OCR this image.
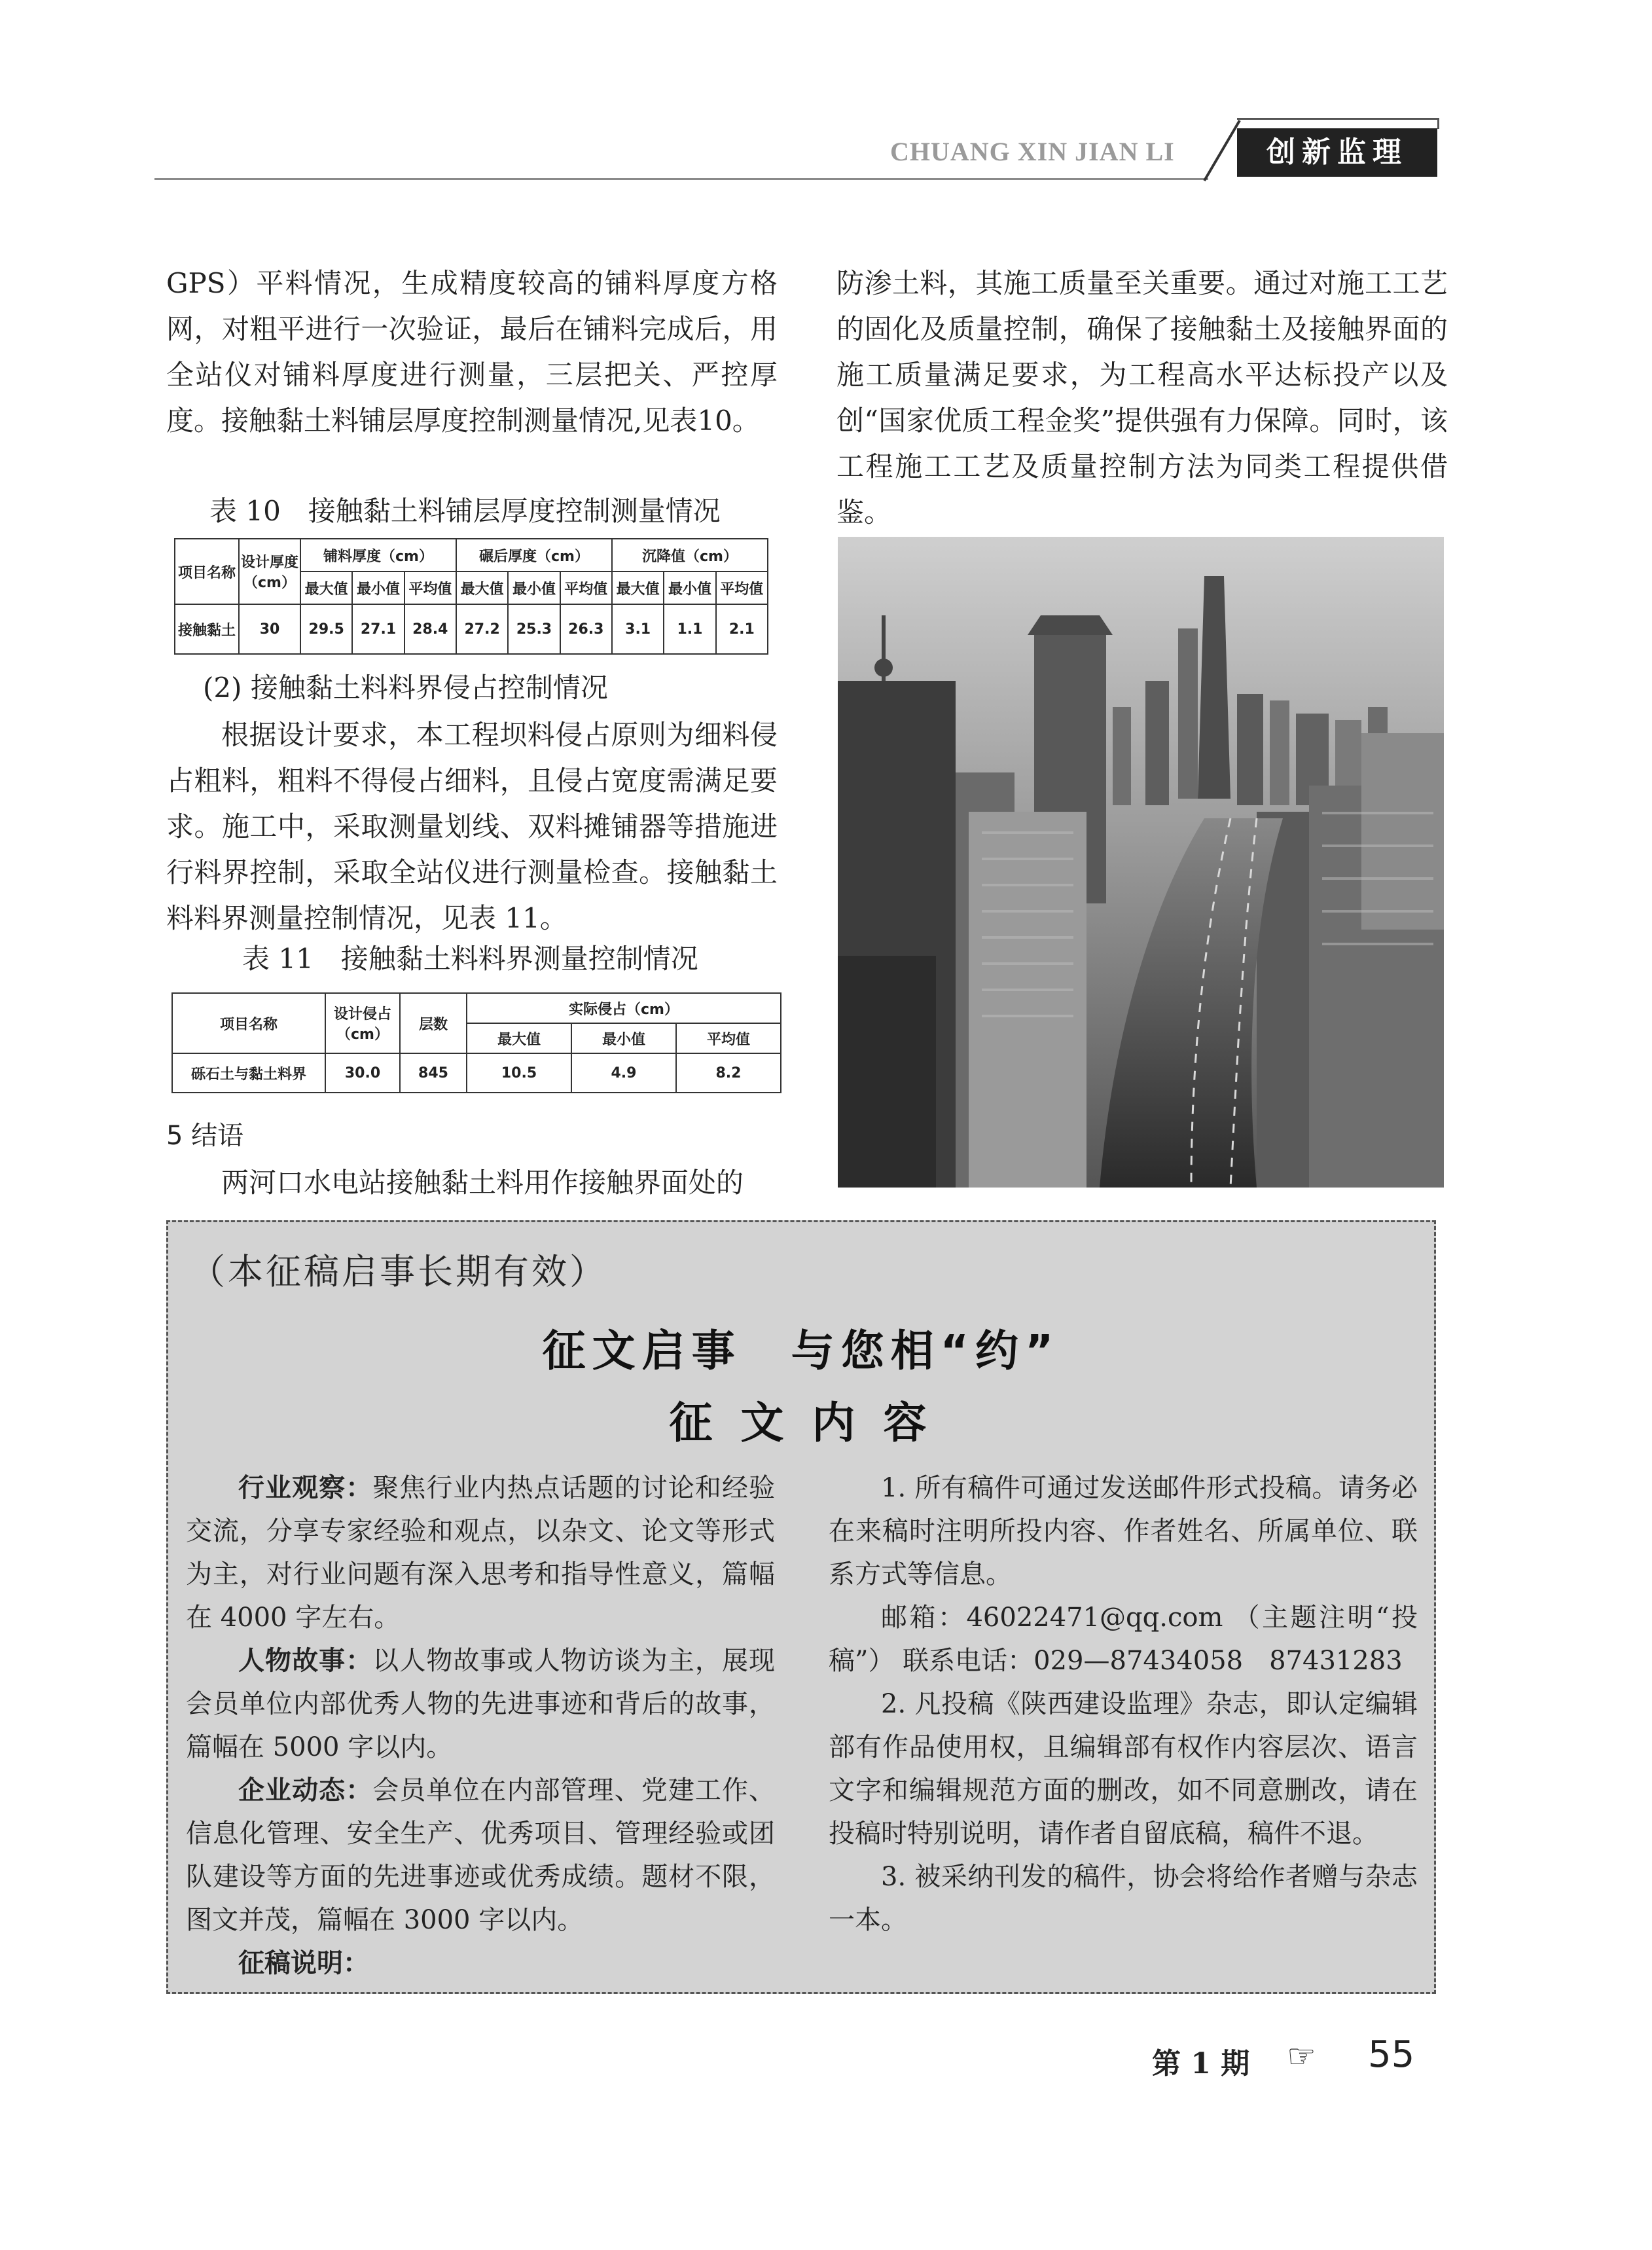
CHUANG XIN JIAN LI	创新监理

GPS）平料情况，生成精度较高的铺料厚度方格网，对粗平进行一次验证，最后在铺料完成后，用全站仪对铺料厚度进行测量，三层把关、严控厚度。接触黏土料铺层厚度控制测量情况,见表10。

表 10　接触黏土料铺层厚度控制测量情况
项目名称	设计厚度（cm）	铺料厚度（cm）			碾后厚度（cm）			沉降值（cm）		
		最大值	最小值	平均值	最大值	最小值	平均值	最大值	最小值	平均值
接触黏土	30	29.5	27.1	28.4	27.2	25.3	26.3	3.1	1.1	2.1
(2) 接触黏土料料界侵占控制情况

根据设计要求，本工程坝料侵占原则为细料侵占粗料，粗料不得侵占细料，且侵占宽度需满足要求。施工中，采取测量划线、双料摊铺器等措施进行料界控制，采取全站仪进行测量检查。接触黏土料料界测量控制情况，见表 11。

表 11　接触黏土料料界测量控制情况
项目名称	设计侵占（cm）	层数	实际侵占（cm）		
			最大值	最小值	平均值
砾石土与黏土料界	30.0	845	10.5	4.9	8.2
5 结语

两河口水电站接触黏土料用作接触界面处的

防渗土料，其施工质量至关重要。通过对施工工艺的固化及质量控制，确保了接触黏土及接触界面的施工质量满足要求，为工程高水平达标投产以及创“国家优质工程金奖”提供强有力保障。同时，该工程施工工艺及质量控制方法为同类工程提供借鉴。

（本征稿启事长期有效）
征文启事　与您相“约”
征 文 内 容

行业观察：聚焦行业内热点话题的讨论和经验交流，分享专家经验和观点，以杂文、论文等形式为主，对行业问题有深入思考和指导性意义，篇幅在 4000 字左右。

人物故事：以人物故事或人物访谈为主，展现会员单位内部优秀人物的先进事迹和背后的故事，篇幅在 5000 字以内。

企业动态：会员单位在内部管理、党建工作、信息化管理、安全生产、优秀项目、管理经验或团队建设等方面的先进事迹或优秀成绩。题材不限，图文并茂，篇幅在 3000 字以内。

征稿说明：

1. 所有稿件可通过发送邮件形式投稿。请务必在来稿时注明所投内容、作者姓名、所属单位、联系方式等信息。

邮箱：46022471@qq.com （主题注明“投稿”） 联系电话：029—87434058　87431283

2. 凡投稿《陕西建设监理》杂志，即认定编辑部有作品使用权，且编辑部有权作内容层次、语言文字和编辑规范方面的删改，如不同意删改，请在投稿时特别说明，请作者自留底稿，稿件不退。

3. 被采纳刊发的稿件，协会将给作者赠与杂志一本。

第 1 期 ☞ 55
